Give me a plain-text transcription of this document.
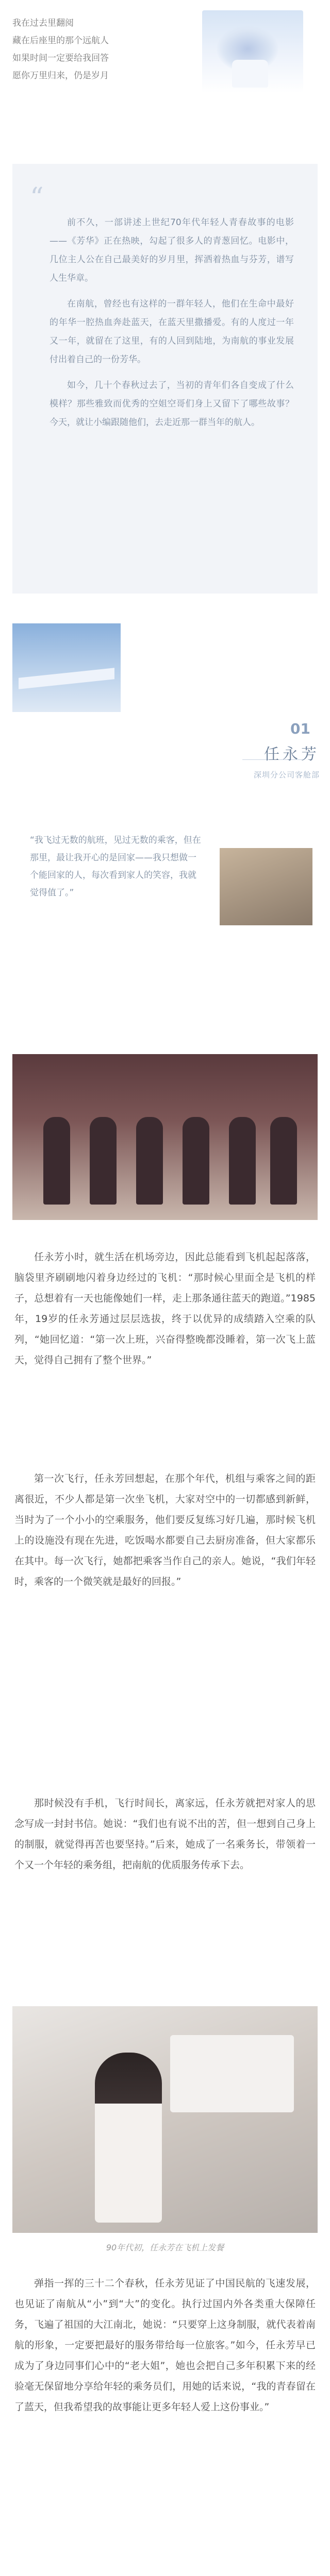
我在过去里翻阅
藏在后座里的那个远航人
如果时间一定要给我回答
愿你万里归来，仍是岁月
“

前不久，一部讲述上世纪70年代年轻人青春故事的电影——《芳华》正在热映，勾起了很多人的青葱回忆。电影中，几位主人公在自己最美好的岁月里，挥洒着热血与芬芳，谱写人生华章。

在南航，曾经也有这样的一群年轻人，他们在生命中最好的年华一腔热血奔赴蓝天，在蓝天里撒播爱。有的人度过一年又一年，就留在了这里，有的人回到陆地，为南航的事业发展付出着自己的一份芳华。

如今，几十个春秋过去了，当初的青年们各自变成了什么模样？那些雅致而优秀的空姐空哥们身上又留下了哪些故事？今天，就让小编跟随他们，去走近那一群当年的航人。

01
任永芳
深圳分公司客舱部

“我飞过无数的航班，见过无数的乘客，但在那里，最让我开心的是回家——我只想做一个能回家的人，每次看到家人的笑容，我就觉得值了。”

任永芳小时，就生活在机场旁边，因此总能看到飞机起起落落，脑袋里齐刷刷地闪着身边经过的飞机：“那时候心里面全是飞机的样子，总想着有一天也能像她们一样，走上那条通往蓝天的跑道。”1985年，19岁的任永芳通过层层选拔，终于以优异的成绩踏入空乘的队列，“她回忆道：“第一次上班，兴奋得整晚都没睡着，第一次飞上蓝天，觉得自己拥有了整个世界。”

第一次飞行，任永芳回想起，在那个年代，机组与乘客之间的距离很近，不少人都是第一次坐飞机，大家对空中的一切都感到新鲜，当时为了一个小小的空乘服务，他们要反复练习好几遍，那时候飞机上的设施没有现在先进，吃饭喝水都要自己去厨房准备，但大家都乐在其中。每一次飞行，她都把乘客当作自己的亲人。她说，“我们年轻时，乘客的一个微笑就是最好的回报。”

那时候没有手机，飞行时间长，离家远，任永芳就把对家人的思念写成一封封书信。她说：“我们也有说不出的苦，但一想到自己身上的制服，就觉得再苦也要坚持。”后来，她成了一名乘务长，带领着一个又一个年轻的乘务组，把南航的优质服务传承下去。

90年代初，任永芳在飞机上发餐

弹指一挥的三十二个春秋，任永芳见证了中国民航的飞速发展，也见证了南航从“小”到“大”的变化。执行过国内外各类重大保障任务，飞遍了祖国的大江南北，她说：“只要穿上这身制服，就代表着南航的形象，一定要把最好的服务带给每一位旅客。”如今，任永芳早已成为了身边同事们心中的“老大姐”，她也会把自己多年积累下来的经验毫无保留地分享给年轻的乘务员们，用她的话来说，“我的青春留在了蓝天，但我希望我的故事能让更多年轻人爱上这份事业。”
